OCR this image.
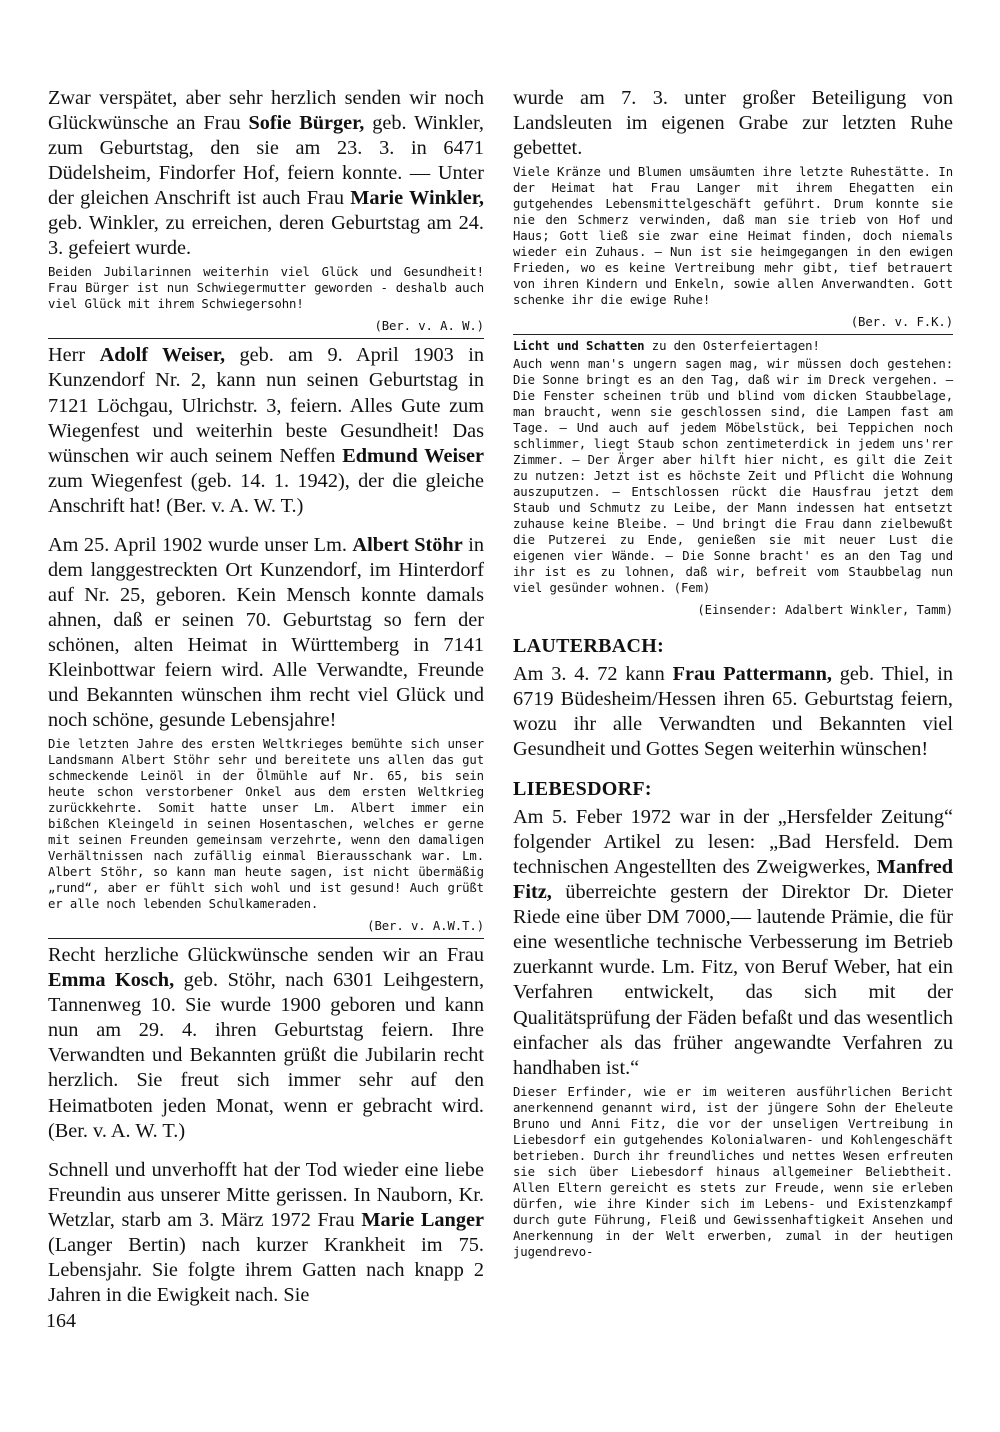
Zwar verspätet, aber sehr herzlich senden wir noch Glückwünsche an Frau Sofie Bürger, geb. Winkler, zum Geburtstag, den sie am 23. 3. in 6471 Düdelsheim, Findorfer Hof, feiern konnte. — Unter der gleichen Anschrift ist auch Frau Marie Winkler, geb. Winkler, zu erreichen, deren Geburtstag am 24. 3. gefeiert wurde.

Beiden Jubilarinnen weiterhin viel Glück und Gesundheit! Frau Bürger ist nun Schwiegermutter geworden - deshalb auch viel Glück mit ihrem Schwiegersohn!

(Ber. v. A. W.)

Herr Adolf Weiser, geb. am 9. April 1903 in Kunzendorf Nr. 2, kann nun seinen Geburtstag in 7121 Löchgau, Ulrichstr. 3, feiern. Alles Gute zum Wiegenfest und weiterhin beste Gesundheit! Das wünschen wir auch seinem Neffen Edmund Weiser zum Wiegenfest (geb. 14. 1. 1942), der die gleiche Anschrift hat! (Ber. v. A. W. T.)

Am 25. April 1902 wurde unser Lm. Albert Stöhr in dem langgestreckten Ort Kunzendorf, im Hinterdorf auf Nr. 25, geboren. Kein Mensch konnte damals ahnen, daß er seinen 70. Geburtstag so fern der schönen, alten Heimat in Württemberg in 7141 Kleinbottwar feiern wird. Alle Verwandte, Freunde und Bekannten wünschen ihm recht viel Glück und noch schöne, gesunde Lebensjahre!

Die letzten Jahre des ersten Weltkrieges bemühte sich unser Landsmann Albert Stöhr sehr und bereitete uns allen das gut schmeckende Leinöl in der Ölmühle auf Nr. 65, bis sein heute schon verstorbener Onkel aus dem ersten Weltkrieg zurückkehrte. Somit hatte unser Lm. Albert immer ein bißchen Kleingeld in seinen Hosentaschen, welches er gerne mit seinen Freunden gemeinsam verzehrte, wenn den damaligen Verhältnissen nach zufällig einmal Bierausschank war. Lm. Albert Stöhr, so kann man heute sagen, ist nicht übermäßig „rund“, aber er fühlt sich wohl und ist gesund! Auch grüßt er alle noch lebenden Schulkameraden.

(Ber. v. A.W.T.)

Recht herzliche Glückwünsche senden wir an Frau Emma Kosch, geb. Stöhr, nach 6301 Leihgestern, Tannenweg 10. Sie wurde 1900 geboren und kann nun am 29. 4. ihren Geburtstag feiern. Ihre Verwandten und Bekannten grüßt die Jubilarin recht herzlich. Sie freut sich immer sehr auf den Heimatboten jeden Monat, wenn er gebracht wird. (Ber. v. A. W. T.)

Schnell und unverhofft hat der Tod wieder eine liebe Freundin aus unserer Mitte gerissen. In Nauborn, Kr. Wetzlar, starb am 3. März 1972 Frau Marie Langer (Langer Bertin) nach kurzer Krankheit im 75. Lebensjahr. Sie folgte ihrem Gatten nach knapp 2 Jahren in die Ewigkeit nach. Sie

wurde am 7. 3. unter großer Beteiligung von Landsleuten im eigenen Grabe zur letzten Ruhe gebettet.

Viele Kränze und Blumen umsäumten ihre letzte Ruhestätte. In der Heimat hat Frau Langer mit ihrem Ehegatten ein gutgehendes Lebensmittelgeschäft geführt. Drum konnte sie nie den Schmerz verwinden, daß man sie trieb von Hof und Haus; Gott ließ sie zwar eine Heimat finden, doch niemals wieder ein Zuhaus. — Nun ist sie heimgegangen in den ewigen Frieden, wo es keine Vertreibung mehr gibt, tief betrauert von ihren Kindern und Enkeln, sowie allen Anverwandten. Gott schenke ihr die ewige Ruhe!

(Ber. v. F.K.)

Licht und Schatten zu den Osterfeiertagen!

Auch wenn man's ungern sagen mag, wir müssen doch gestehen: Die Sonne bringt es an den Tag, daß wir im Dreck vergehen. — Die Fenster scheinen trüb und blind vom dicken Staubbelage, man braucht, wenn sie geschlossen sind, die Lampen fast am Tage. — Und auch auf jedem Möbelstück, bei Teppichen noch schlimmer, liegt Staub schon zentimeterdick in jedem uns'rer Zimmer. — Der Ärger aber hilft hier nicht, es gilt die Zeit zu nutzen: Jetzt ist es höchste Zeit und Pflicht die Wohnung auszuputzen. — Entschlossen rückt die Hausfrau jetzt dem Staub und Schmutz zu Leibe, der Mann indessen hat entsetzt zuhause keine Bleibe. — Und bringt die Frau dann zielbewußt die Putzerei zu Ende, genießen sie mit neuer Lust die eigenen vier Wände. — Die Sonne bracht' es an den Tag und ihr ist es zu lohnen, daß wir, befreit vom Staubbelag nun viel gesünder wohnen. (Fem)

(Einsender: Adalbert Winkler, Tamm)

LAUTERBACH:

Am 3. 4. 72 kann Frau Pattermann, geb. Thiel, in 6719 Büdesheim/Hessen ihren 65. Geburtstag feiern, wozu ihr alle Verwandten und Bekannten viel Gesundheit und Gottes Segen weiterhin wünschen!

LIEBESDORF:

Am 5. Feber 1972 war in der „Hersfelder Zeitung“ folgender Artikel zu lesen: „Bad Hersfeld. Dem technischen Angestellten des Zweigwerkes, Manfred Fitz, überreichte gestern der Direktor Dr. Dieter Riede eine über DM 7000,— lautende Prämie, die für eine wesentliche technische Verbesserung im Betrieb zuerkannt wurde. Lm. Fitz, von Beruf Weber, hat ein Verfahren entwickelt, das sich mit der Qualitätsprüfung der Fäden befaßt und das wesentlich einfacher als das früher angewandte Verfahren zu handhaben ist.“

Dieser Erfinder, wie er im weiteren ausführlichen Bericht anerkennend genannt wird, ist der jüngere Sohn der Eheleute Bruno und Anni Fitz, die vor der unseligen Vertreibung in Liebesdorf ein gutgehendes Kolonialwaren- und Kohlengeschäft betrieben. Durch ihr freundliches und nettes Wesen erfreuten sie sich über Liebesdorf hinaus allgemeiner Beliebtheit. Allen Eltern gereicht es stets zur Freude, wenn sie erleben dürfen, wie ihre Kinder sich im Lebens- und Existenzkampf durch gute Führung, Fleiß und Gewissenhaftigkeit Ansehen und Anerkennung in der Welt erwerben, zumal in der heutigen jugendrevo-

164
